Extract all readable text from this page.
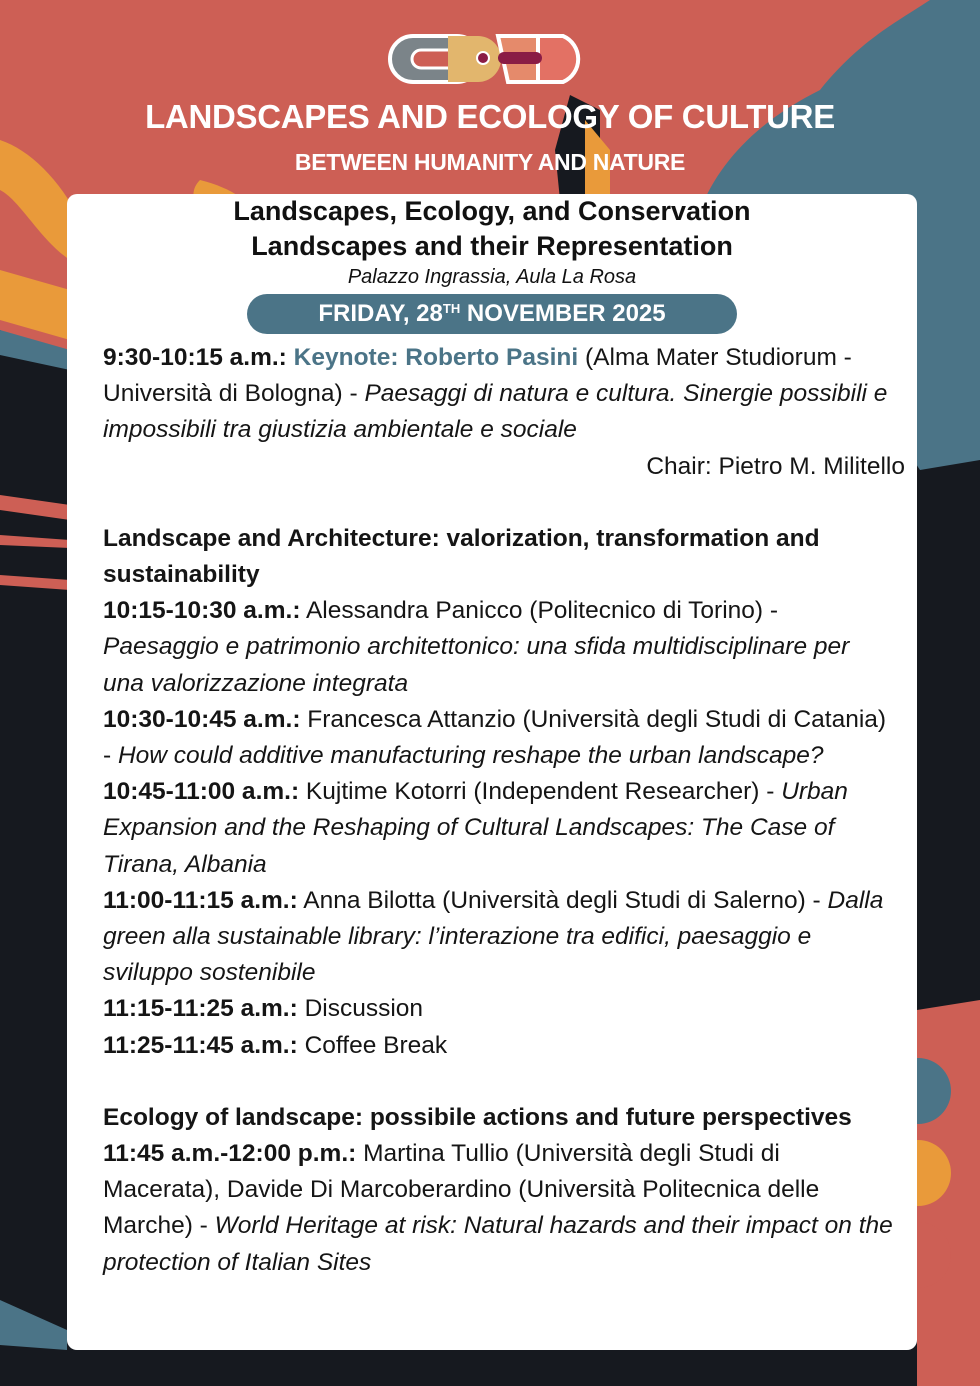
LANDSCAPES AND ECOLOGY OF CULTURE
BETWEEN HUMANITY AND NATURE
Landscapes, Ecology, and Conservation
Landscapes and their Representation
Palazzo Ingrassia, Aula La Rosa
FRIDAY, 28TH NOVEMBER 2025
9:30-10:15 a.m.: Keynote: Roberto Pasini (Alma Mater Studiorum - Università di Bologna) - Paesaggi di natura e cultura. Sinergie possibili e impossibili tra giustizia ambientale e sociale
Chair: Pietro M. Militello
Landscape and Architecture: valorization, transformation and sustainability
10:15-10:30 a.m.: Alessandra Panicco (Politecnico di Torino) - Paesaggio e patrimonio architettonico: una sfida multidisciplinare per una valorizzazione integrata
10:30-10:45 a.m.: Francesca Attanzio (Università degli Studi di Catania) - How could additive manufacturing reshape the urban landscape?
10:45-11:00 a.m.: Kujtime Kotorri (Independent Researcher) - Urban Expansion and the Reshaping of Cultural Landscapes: The Case of Tirana, Albania
11:00-11:15 a.m.: Anna Bilotta (Università degli Studi di Salerno) - Dalla green alla sustainable library: l’interazione tra edifici, paesaggio e sviluppo sostenibile
11:15-11:25 a.m.: Discussion
11:25-11:45 a.m.: Coffee Break
Ecology of landscape: possibile actions and future perspectives
11:45 a.m.-12:00 p.m.: Martina Tullio (Università degli Studi di Macerata), Davide Di Marcoberardino (Università Politecnica delle Marche) - World Heritage at risk: Natural hazards and their impact on the protection of Italian Sites
